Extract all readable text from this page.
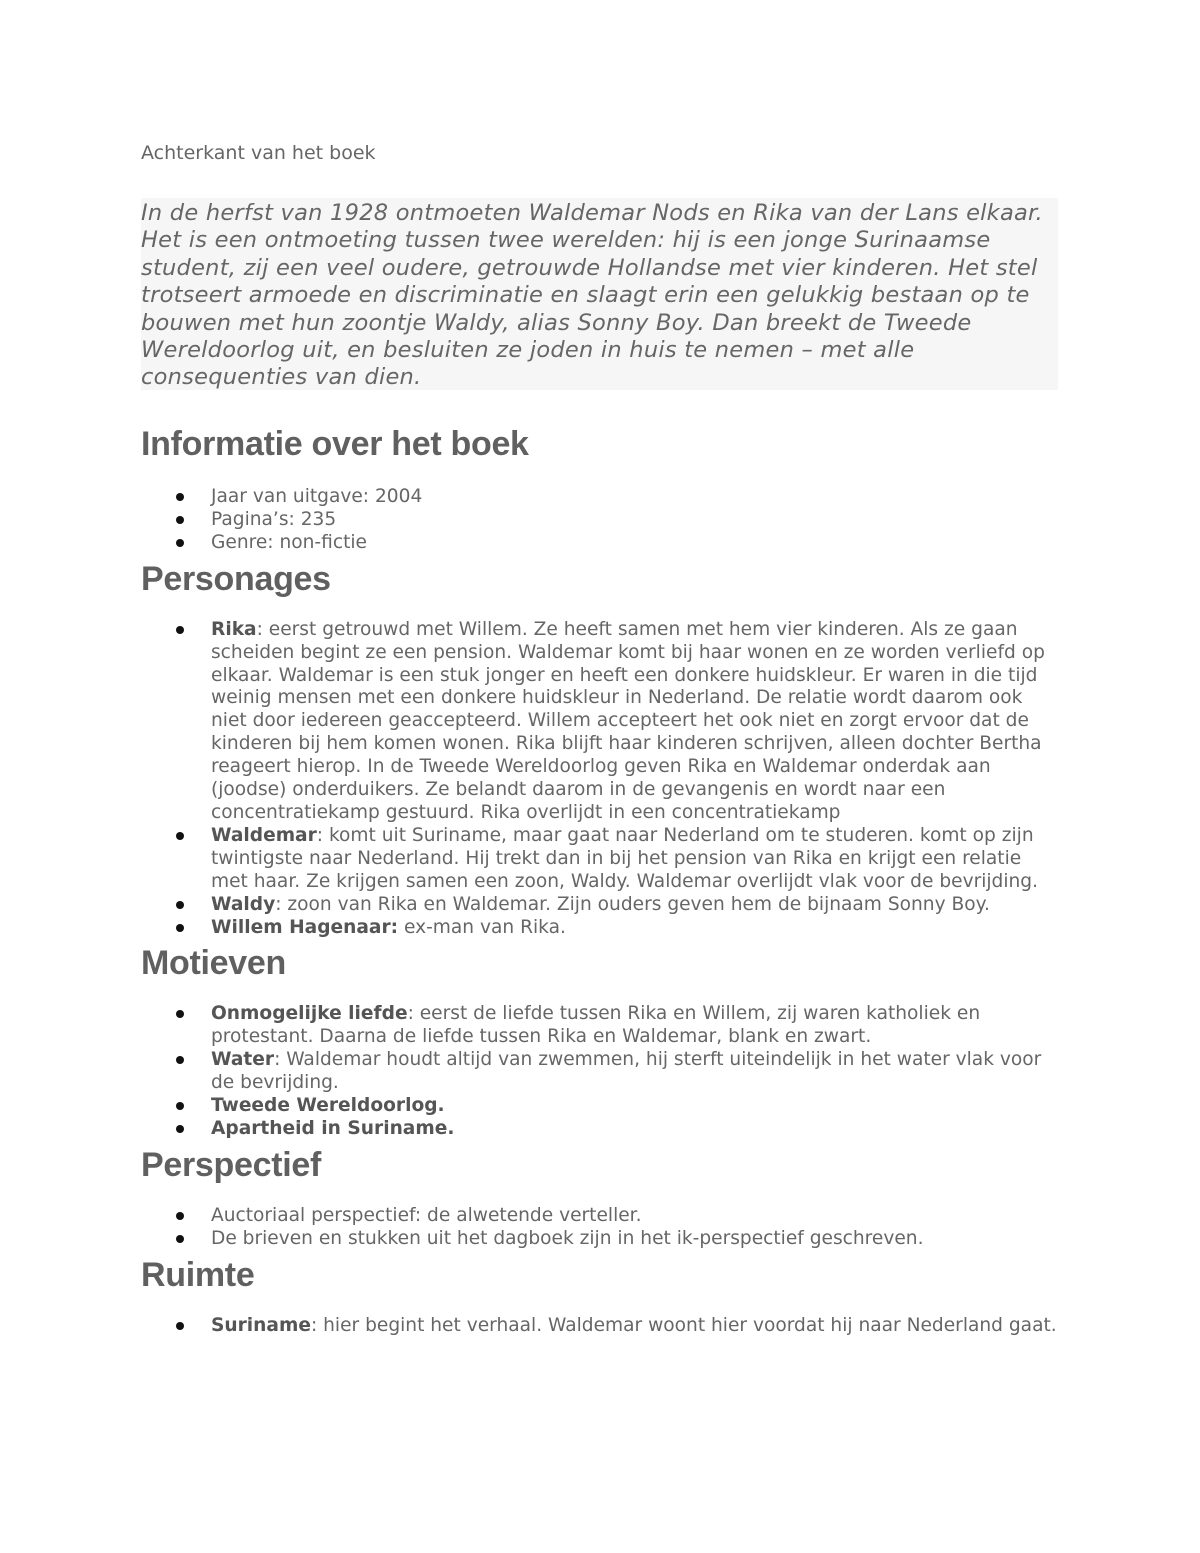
Achterkant van het boek
In de herfst van 1928 ontmoeten Waldemar Nods en Rika van der Lans elkaar. Het is een ontmoeting tussen twee werelden: hij is een jonge Surinaamse student, zij een veel oudere, getrouwde Hollandse met vier kinderen. Het stel trotseert armoede en discriminatie en slaagt erin een gelukkig bestaan op te bouwen met hun zoontje Waldy, alias Sonny Boy. Dan breekt de Tweede Wereldoorlog uit, en besluiten ze joden in huis te nemen – met alle consequenties van dien.
Informatie over het boek
Jaar van uitgave: 2004
Pagina’s: 235
Genre: non-fictie
Personages
Rika: eerst getrouwd met Willem. Ze heeft samen met hem vier kinderen. Als ze gaan scheiden begint ze een pension. Waldemar komt bij haar wonen en ze worden verliefd op elkaar. Waldemar is een stuk jonger en heeft een donkere huidskleur. Er waren in die tijd weinig mensen met een donkere huidskleur in Nederland. De relatie wordt daarom ook niet door iedereen geaccepteerd. Willem accepteert het ook niet en zorgt ervoor dat de kinderen bij hem komen wonen. Rika blijft haar kinderen schrijven, alleen dochter Bertha reageert hierop. In de Tweede Wereldoorlog geven Rika en Waldemar onderdak aan (joodse) onderduikers. Ze belandt daarom in de gevangenis en wordt naar een concentratiekamp gestuurd. Rika overlijdt in een concentratiekamp
Waldemar: komt uit Suriname, maar gaat naar Nederland om te studeren. komt op zijn twintigste naar Nederland. Hij trekt dan in bij het pension van Rika en krijgt een relatie met haar. Ze krijgen samen een zoon, Waldy. Waldemar overlijdt vlak voor de bevrijding.
Waldy: zoon van Rika en Waldemar. Zijn ouders geven hem de bijnaam Sonny Boy.
Willem Hagenaar: ex-man van Rika.
Motieven
Onmogelijke liefde: eerst de liefde tussen Rika en Willem, zij waren katholiek en protestant. Daarna de liefde tussen Rika en Waldemar, blank en zwart.
Water: Waldemar houdt altijd van zwemmen, hij sterft uiteindelijk in het water vlak voor de bevrijding.
Tweede Wereldoorlog.
Apartheid in Suriname.
Perspectief
Auctoriaal perspectief: de alwetende verteller.
De brieven en stukken uit het dagboek zijn in het ik-perspectief geschreven.
Ruimte
Suriname: hier begint het verhaal. Waldemar woont hier voordat hij naar Nederland gaat.
